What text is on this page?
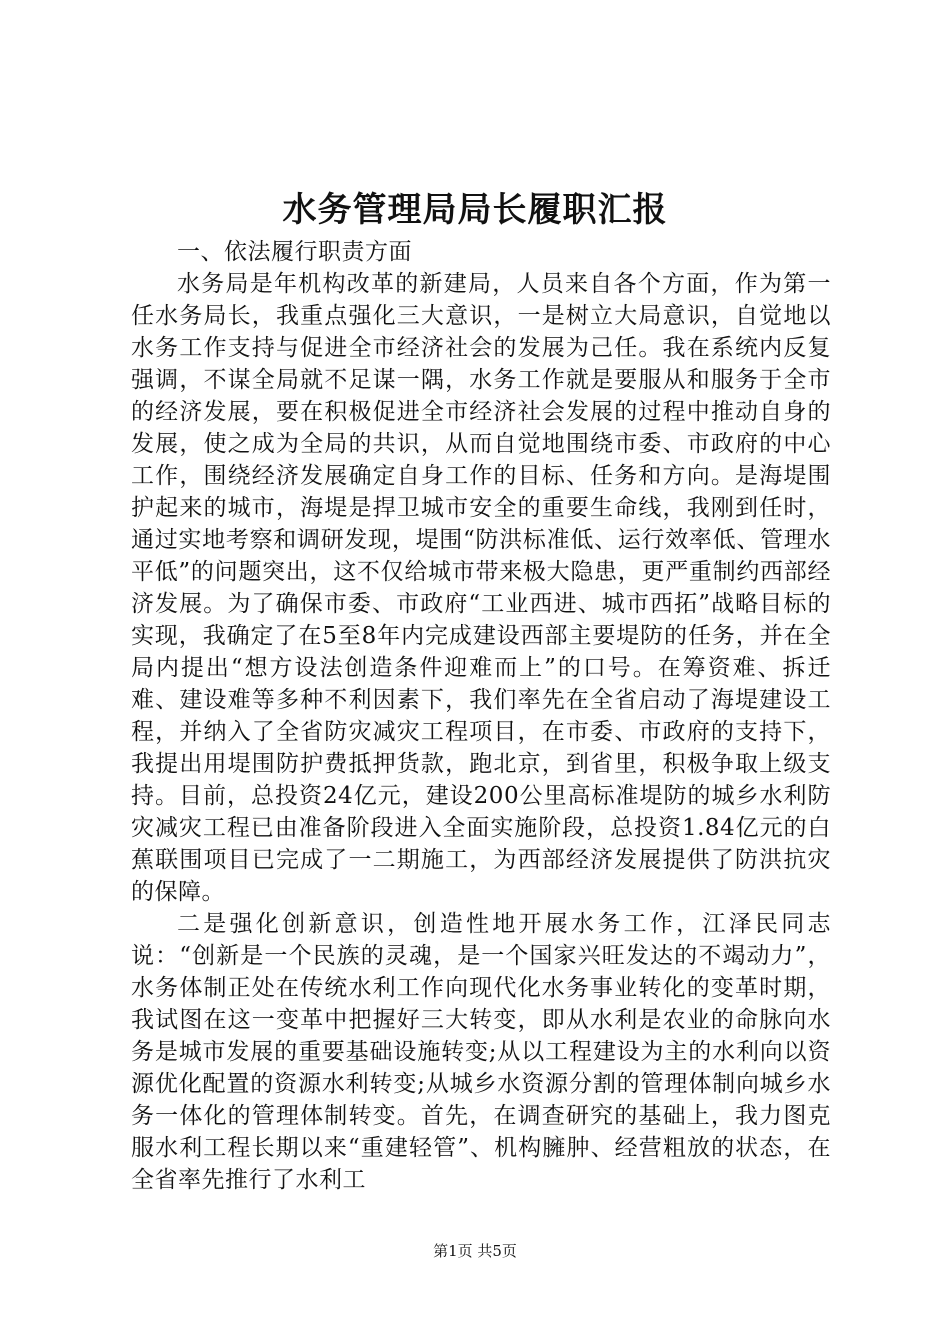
水务管理局局长履职汇报
一、依法履行职责方面

水务局是年机构改革的新建局，人员来自各个方面，作为第一任水务局长，我重点强化三大意识，一是树立大局意识，自觉地以水务工作支持与促进全市经济社会的发展为己任。我在系统内反复强调，不谋全局就不足谋一隅，水务工作就是要服从和服务于全市的经济发展，要在积极促进全市经济社会发展的过程中推动自身的发展，使之成为全局的共识，从而自觉地围绕市委、市政府的中心工作，围绕经济发展确定自身工作的目标、任务和方向。是海堤围护起来的城市，海堤是捍卫城市安全的重要生命线，我刚到任时，通过实地考察和调研发现，堤围“防洪标准低、运行效率低、管理水平低”的问题突出，这不仅给城市带来极大隐患，更严重制约西部经济发展。为了确保市委、市政府“工业西进、城市西拓”战略目标的实现，我确定了在5至8年内完成建设西部主要堤防的任务，并在全局内提出“想方设法创造条件迎难而上”的口号。在筹资难、拆迁难、建设难等多种不利因素下，我们率先在全省启动了海堤建设工程，并纳入了全省防灾减灾工程项目，在市委、市政府的支持下，我提出用堤围防护费抵押货款，跑北京，到省里，积极争取上级支持。目前，总投资24亿元，建设200公里高标准堤防的城乡水利防灾减灾工程已由准备阶段进入全面实施阶段，总投资1.84亿元的白蕉联围项目已完成了一二期施工，为西部经济发展提供了防洪抗灾的保障。

二是强化创新意识，创造性地开展水务工作，江泽民同志说：“创新是一个民族的灵魂，是一个国家兴旺发达的不竭动力”，水务体制正处在传统水利工作向现代化水务事业转化的变革时期，我试图在这一变革中把握好三大转变，即从水利是农业的命脉向水务是城市发展的重要基础设施转变;从以工程建设为主的水利向以资源优化配置的资源水利转变;从城乡水资源分割的管理体制向城乡水务一体化的管理体制转变。首先，在调查研究的基础上，我力图克服水利工程长期以来“重建轻管”、机构臃肿、经营粗放的状态，在全省率先推行了水利工

第1页 共5页
